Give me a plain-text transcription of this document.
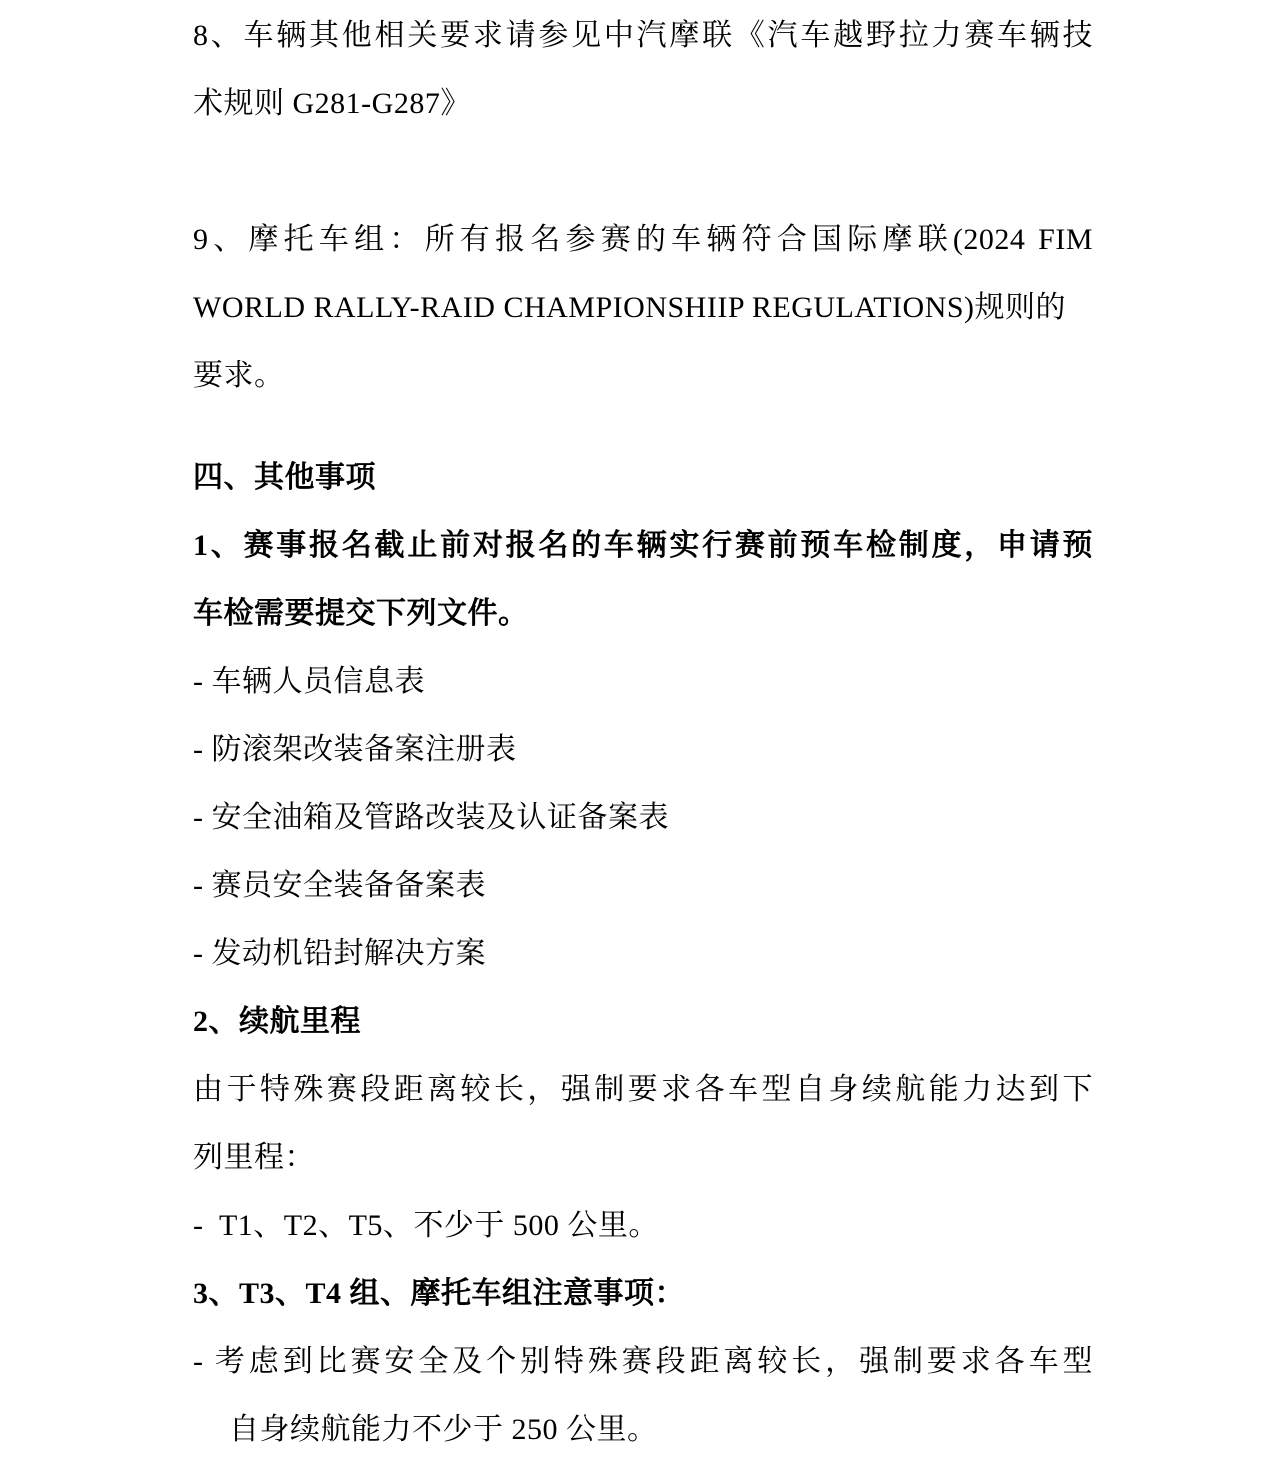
8、车辆其他相关要求请参见中汽摩联《汽车越野拉力赛车辆技
术规则 G281-G287》
9、摩托车组：所有报名参赛的车辆符合国际摩联(2024 FIM
WORLD RALLY-RAID CHAMPIONSHIIP REGULATIONS)规则的要求。
四、其他事项
1、赛事报名截止前对报名的车辆实行赛前预车检制度，申请预
车检需要提交下列文件。
- 车辆人员信息表
- 防滚架改装备案注册表
- 安全油箱及管路改装及认证备案表
- 赛员安全装备备案表
- 发动机铅封解决方案
2、续航里程
由于特殊赛段距离较长，强制要求各车型自身续航能力达到下
列里程：
-  T1、T2、T5、不少于 500 公里。
3、T3、T4 组、摩托车组注意事项：
- 考虑到比赛安全及个别特殊赛段距离较长，强制要求各车型
自身续航能力不少于 250 公里。
